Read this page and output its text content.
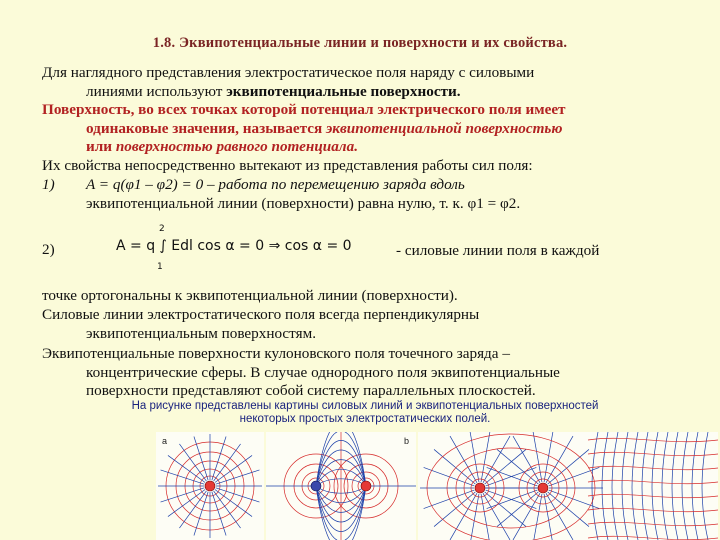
1.8. Эквипотенциальные линии и поверхности и их свойства.
Для наглядного представления электростатическое поля наряду с силовыми
линиями используют эквипотенциальные поверхности.
Поверхность, во всех точках которой потенциал электрического поля имеет
одинаковые значения, называется эквипотенциальной поверхностью
или поверхностью равного потенциала.
Их свойства непосредственно вытекают из представления работы сил поля:
1) A = q(φ1 – φ2) = 0 – работа по перемещению заряда вдоль
эквипотенциальной линии (поверхности) равна нулю, т. к. φ1 = φ2.
2)	A = q ∫ Edl cos α = 0 ⇒ cos α = 0
2
1
- силовые линии поля в каждой
точке ортогональны к эквипотенциальной линии (поверхности).
Силовые линии электростатического поля всегда перпендикулярны
эквипотенциальным поверхностям.
Эквипотенциальные поверхности кулоновского поля точечного заряда –
концентрические сферы. В случае однородного поля эквипотенциальные
поверхности представляют собой систему параллельных плоскостей.
На рисунке представлены картины силовых линий и эквипотенциальных поверхностей
некоторых простых электростатических полей.
а	b
